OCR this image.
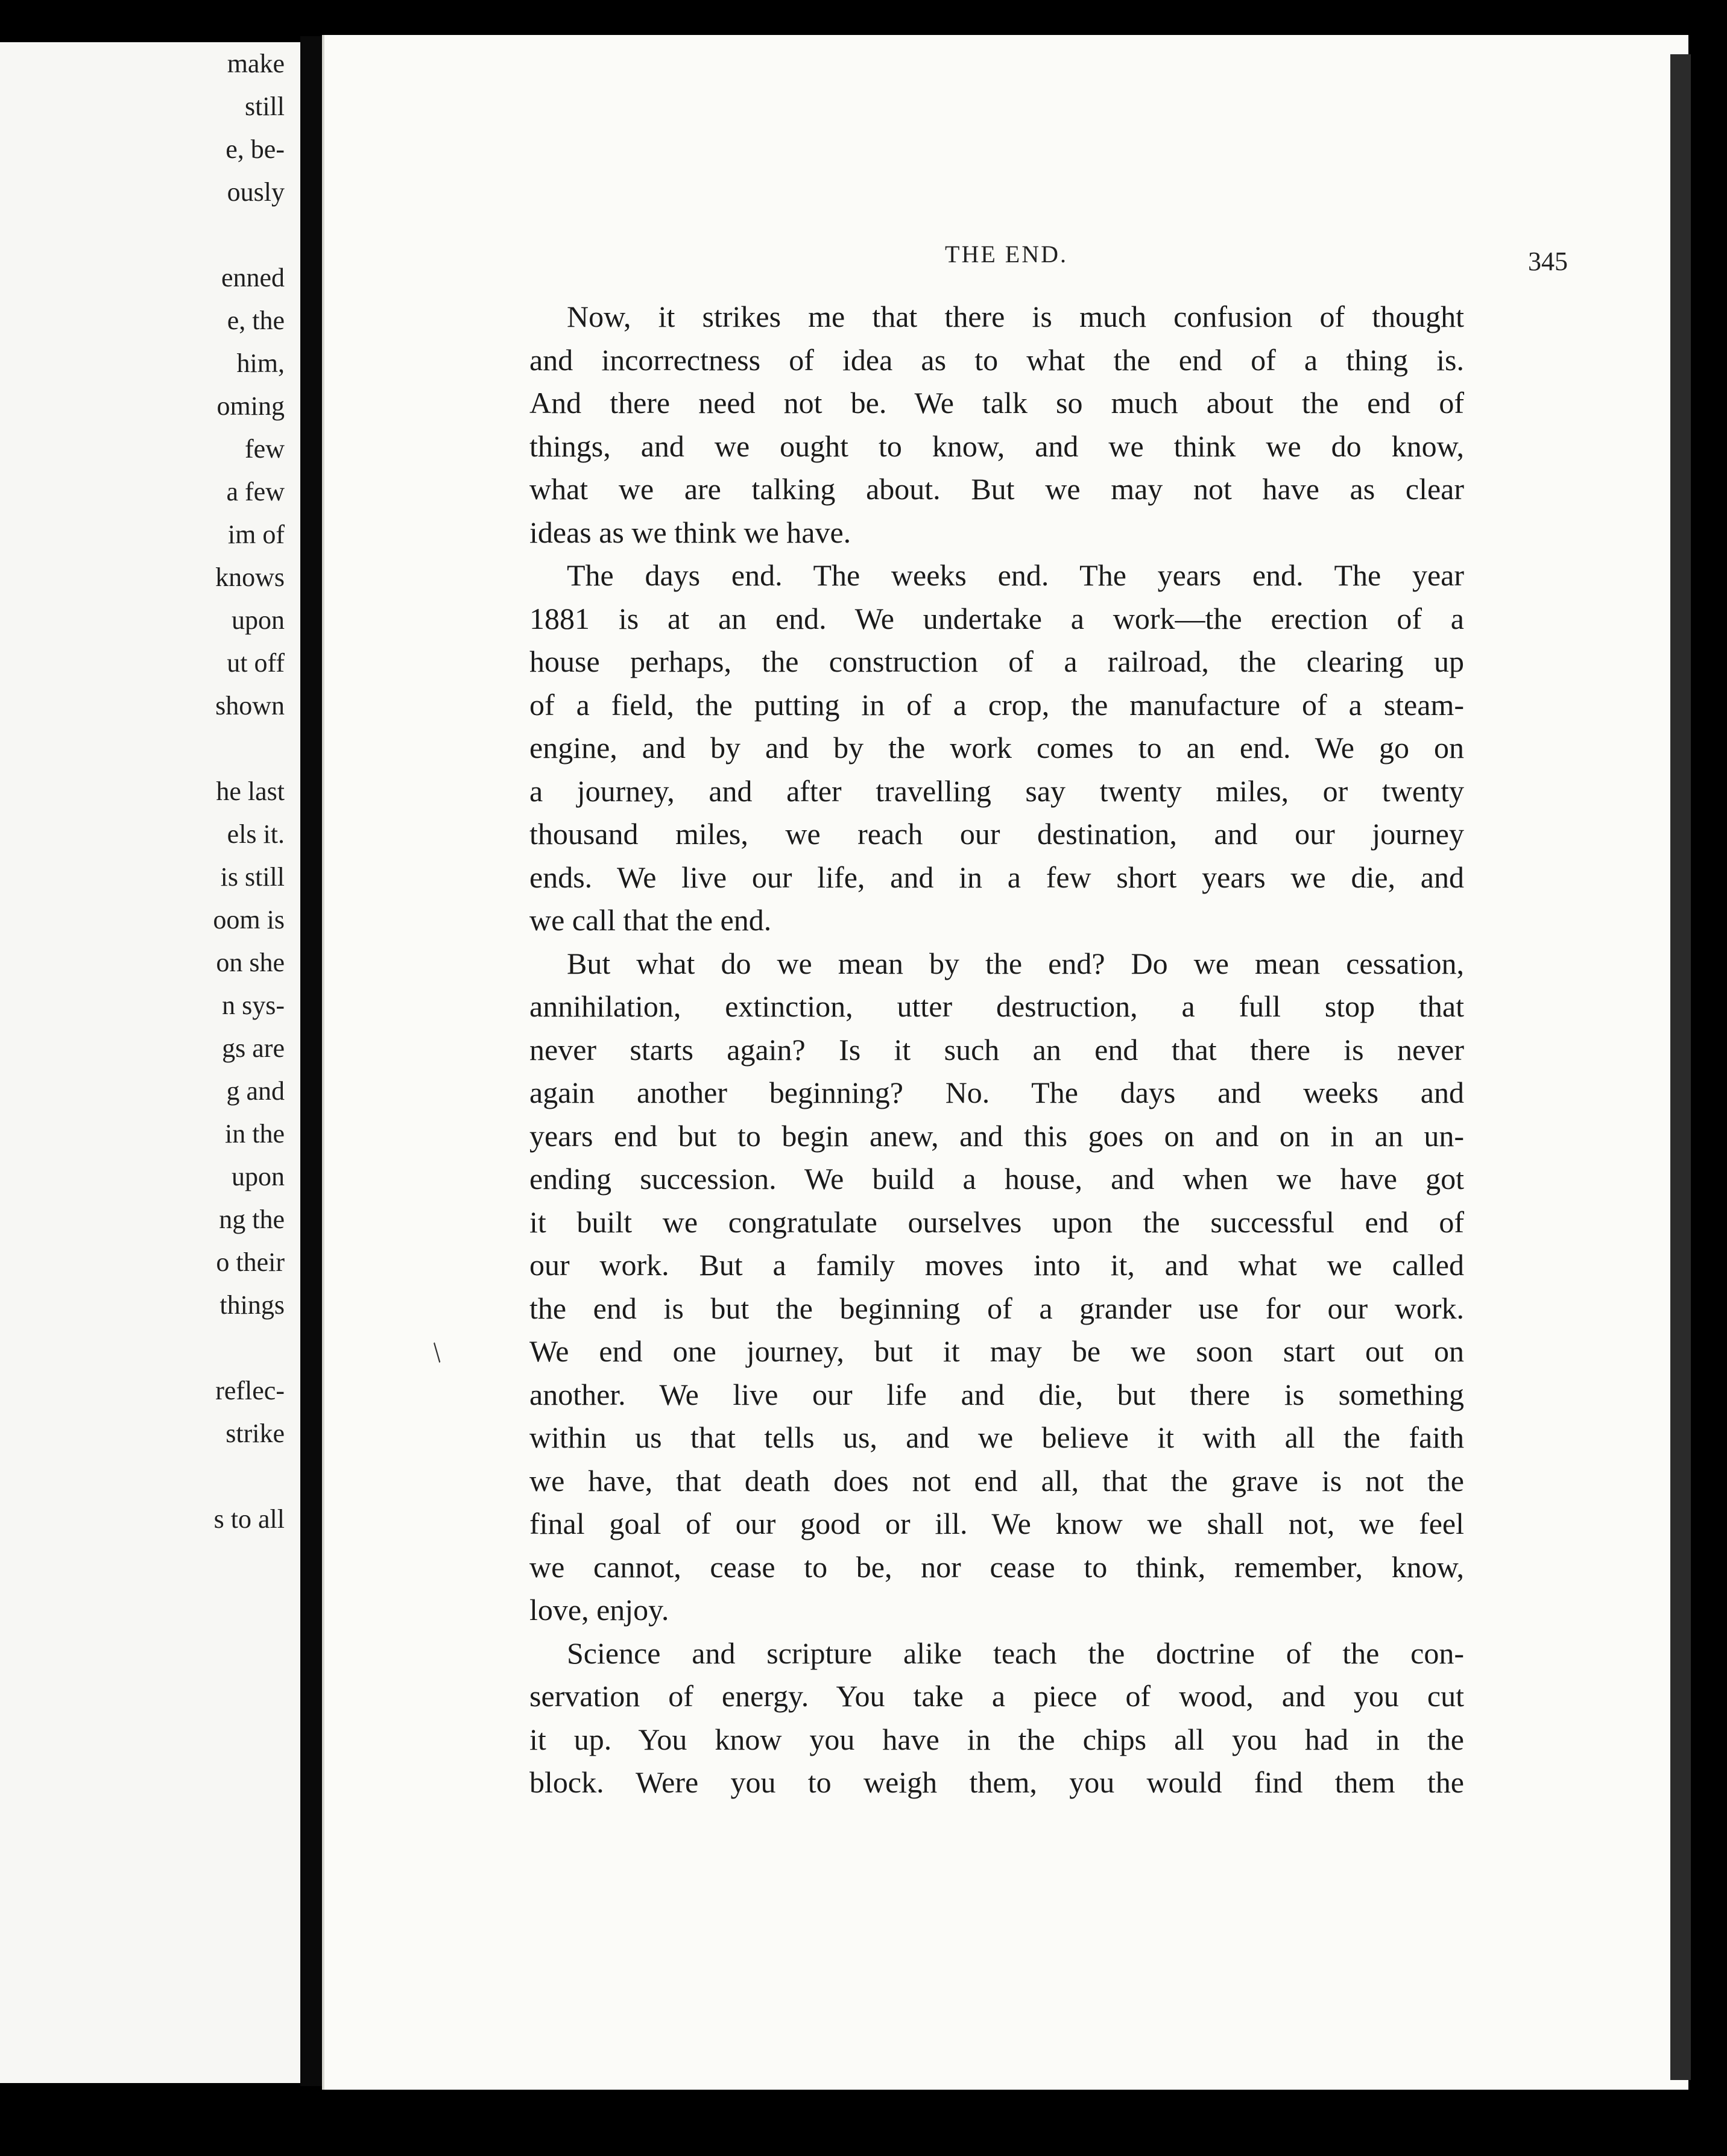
make
still
e, be-
ously
enned
e, the
him,
oming
few
a few
im of
knows
upon
ut off
shown
he last
els it.
is still
oom is
on she
n sys-
gs are
g and
in the
upon
ng the
o their
things
reflec-
strike
s to all
THE END.	345
/
Now, it strikes me that there is much confusion of thought
and incorrectness of idea as to what the end of a thing is.
And there need not be. We talk so much about the end of
things, and we ought to know, and we think we do know,
what we are talking about. But we may not have as clear
ideas as we think we have.
The days end. The weeks end. The years end. The year
1881 is at an end. We undertake a work—the erection of a
house perhaps, the construction of a railroad, the clearing up
of a field, the putting in of a crop, the manufacture of a steam-
engine, and by and by the work comes to an end. We go on
a journey, and after travelling say twenty miles, or twenty
thousand miles, we reach our destination, and our journey
ends. We live our life, and in a few short years we die, and
we call that the end.
But what do we mean by the end? Do we mean cessation,
annihilation, extinction, utter destruction, a full stop that
never starts again? Is it such an end that there is never
again another beginning? No. The days and weeks and
years end but to begin anew, and this goes on and on in an un-
ending succession. We build a house, and when we have got
it built we congratulate ourselves upon the successful end of
our work. But a family moves into it, and what we called
the end is but the beginning of a grander use for our work.
We end one journey, but it may be we soon start out on
another. We live our life and die, but there is something
within us that tells us, and we believe it with all the faith
we have, that death does not end all, that the grave is not the
final goal of our good or ill. We know we shall not, we feel
we cannot, cease to be, nor cease to think, remember, know,
love, enjoy.
Science and scripture alike teach the doctrine of the con-
servation of energy. You take a piece of wood, and you cut
it up. You know you have in the chips all you had in the
block. Were you to weigh them, you would find them the
